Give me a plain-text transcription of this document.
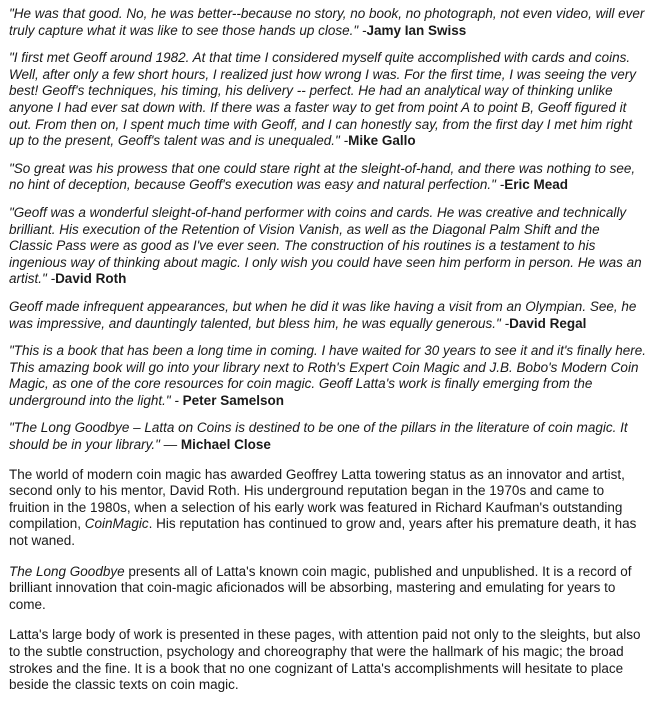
"He was that good. No, he was better--because no story, no book, no photograph, not even video, will ever truly capture what it was like to see those hands up close." -Jamy Ian Swiss

"I first met Geoff around 1982. At that time I considered myself quite accomplished with cards and coins. Well, after only a few short hours, I realized just how wrong I was. For the first time, I was seeing the very best! Geoff's techniques, his timing, his delivery -- perfect. He had an analytical way of thinking unlike anyone I had ever sat down with. If there was a faster way to get from point A to point B, Geoff figured it out. From then on, I spent much time with Geoff, and I can honestly say, from the first day I met him right up to the present, Geoff's talent was and is unequaled." -Mike Gallo

"So great was his prowess that one could stare right at the sleight-of-hand, and there was nothing to see, no hint of deception, because Geoff's execution was easy and natural perfection." -Eric Mead

"Geoff was a wonderful sleight-of-hand performer with coins and cards. He was creative and technically brilliant. His execution of the Retention of Vision Vanish, as well as the Diagonal Palm Shift and the Classic Pass were as good as I've ever seen. The construction of his routines is a testament to his ingenious way of thinking about magic. I only wish you could have seen him perform in person. He was an artist." -David Roth

Geoff made infrequent appearances, but when he did it was like having a visit from an Olympian. See, he was impressive, and dauntingly talented, but bless him, he was equally generous." -David Regal

"This is a book that has been a long time in coming. I have waited for 30 years to see it and it's finally here. This amazing book will go into your library next to Roth's Expert Coin Magic and J.B. Bobo's Modern Coin Magic, as one of the core resources for coin magic. Geoff Latta's work is finally emerging from the underground into the light." - Peter Samelson

"The Long Goodbye – Latta on Coins is destined to be one of the pillars in the literature of coin magic. It should be in your library." — Michael Close

The world of modern coin magic has awarded Geoffrey Latta towering status as an innovator and artist, second only to his mentor, David Roth. His underground reputation began in the 1970s and came to fruition in the 1980s, when a selection of his early work was featured in Richard Kaufman's outstanding compilation, CoinMagic. His reputation has continued to grow and, years after his premature death, it has not waned.

The Long Goodbye presents all of Latta's known coin magic, published and unpublished. It is a record of brilliant innovation that coin-magic aficionados will be absorbing, mastering and emulating for years to come.

Latta's large body of work is presented in these pages, with attention paid not only to the sleights, but also to the subtle construction, psychology and choreography that were the hallmark of his magic; the broad strokes and the fine. It is a book that no one cognizant of Latta's accomplishments will hesitate to place beside the classic texts on coin magic.
